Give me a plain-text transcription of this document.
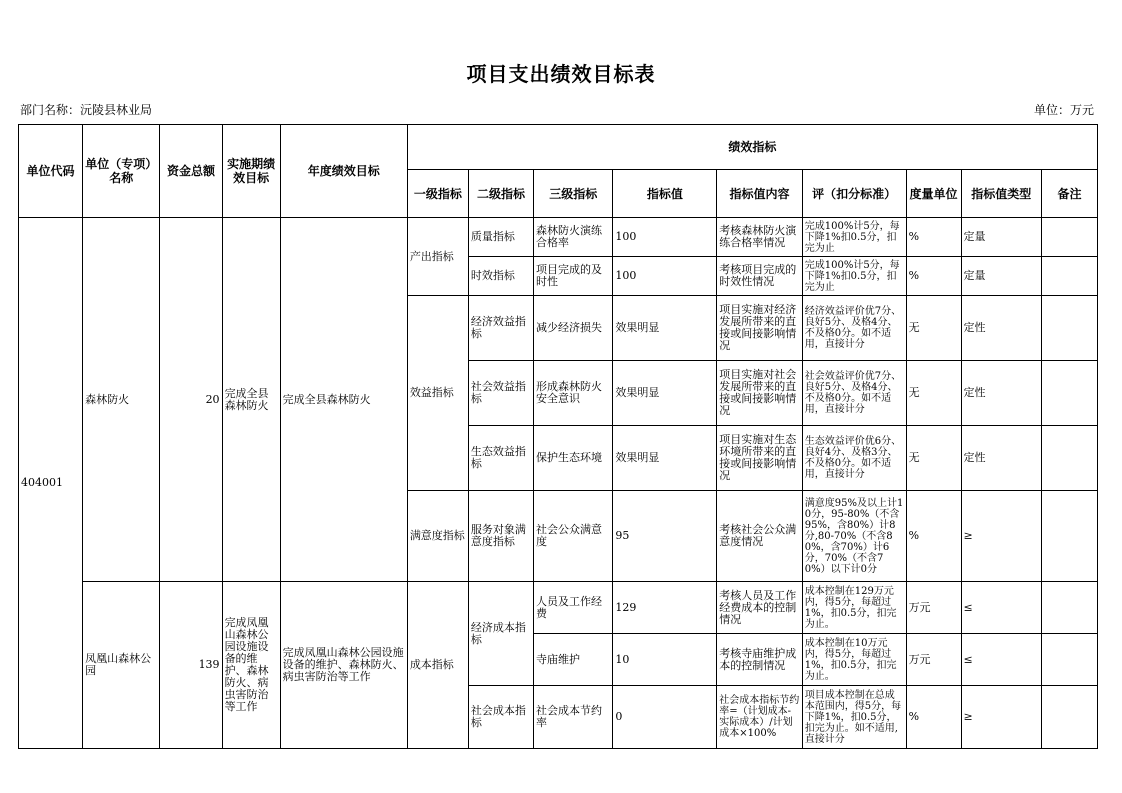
项目支出绩效目标表
部门名称：沅陵县林业局	单位：万元
单位代码	单位（专项）名称	资金总额	实施期绩效目标	年度绩效目标	绩效指标								
					一级指标	二级指标	三级指标	指标值	指标值内容	评（扣分标准）	度量单位	指标值类型	备注
404001	森林防火	20	完成全县森林防火	完成全县森林防火	产出指标	质量指标	森林防火演练合格率	100	考核森林防火演练合格率情况	完成100%计5分，每下降1%扣0.5分，扣完为止	%	定量	
						时效指标	项目完成的及时性	100	考核项目完成的时效性情况	完成100%计5分，每下降1%扣0.5分，扣完为止	%	定量	
					效益指标	经济效益指标	减少经济损失	效果明显	项目实施对经济发展所带来的直接或间接影响情况	经济效益评价优7分、良好5分、及格4分、不及格0分。如不适用，直接计分	无	定性	
						社会效益指标	形成森林防火安全意识	效果明显	项目实施对社会发展所带来的直接或间接影响情况	社会效益评价优7分、良好5分、及格4分、不及格0分。如不适用，直接计分	无	定性	
						生态效益指标	保护生态环境	效果明显	项目实施对生态环境所带来的直接或间接影响情况	生态效益评价优6分、良好4分、及格3分、不及格0分。如不适用，直接计分	无	定性	
					满意度指标	服务对象满意度指标	社会公众满意度	95	考核社会公众满意度情况	满意度95%及以上计10分，95-80%（不含95%，含80%）计8分,80-70%（不含80%，含70%）计6分，70%（不含70%）以下计0分	%	≥	
	凤凰山森林公园	139	完成凤凰山森林公园设施设备的维护、森林防火、病虫害防治等工作	完成凤凰山森林公园设施设备的维护、森林防火、病虫害防治等工作	成本指标	经济成本指标	人员及工作经费	129	考核人员及工作经费成本的控制情况	成本控制在129万元内，得5分，每超过1%，扣0.5分，扣完为止。	万元	≤	
							寺庙维护	10	考核寺庙维护成本的控制情况	成本控制在10万元内，得5分，每超过1%，扣0.5分，扣完为止。	万元	≤	
						社会成本指标	社会成本节约率	0	社会成本指标节约率=（计划成本-实际成本）/计划成本×100%	项目成本控制在总成本范围内，得5分，每下降1%，扣0.5分，扣完为止。如不适用,直接计分	%	≥	
